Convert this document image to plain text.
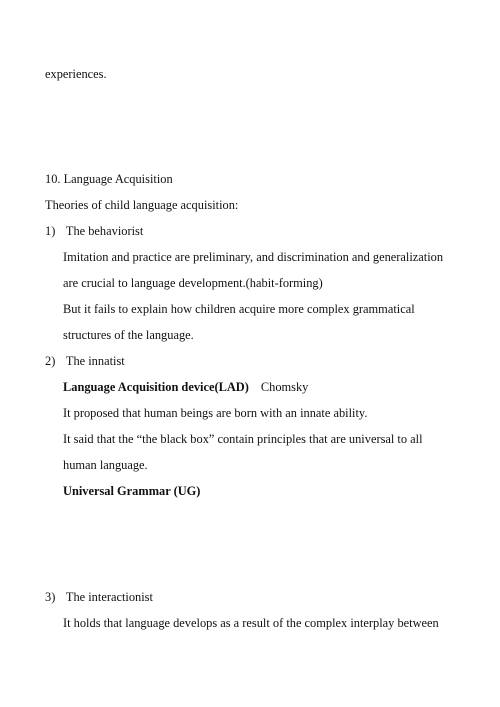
experiences.
10. Language Acquisition
Theories of child language acquisition:
1) The behaviorist
Imitation and practice are preliminary, and discrimination and generalization
are crucial to language development.(habit-forming)
But it fails to explain how children acquire more complex grammatical
structures of the language.
2) The innatist
Language Acquisition device(LAD) Chomsky
It proposed that human beings are born with an innate ability.
It said that the “the black box” contain principles that are universal to all
human language.
Universal Grammar (UG)
3) The interactionist
It holds that language develops as a result of the complex interplay between
